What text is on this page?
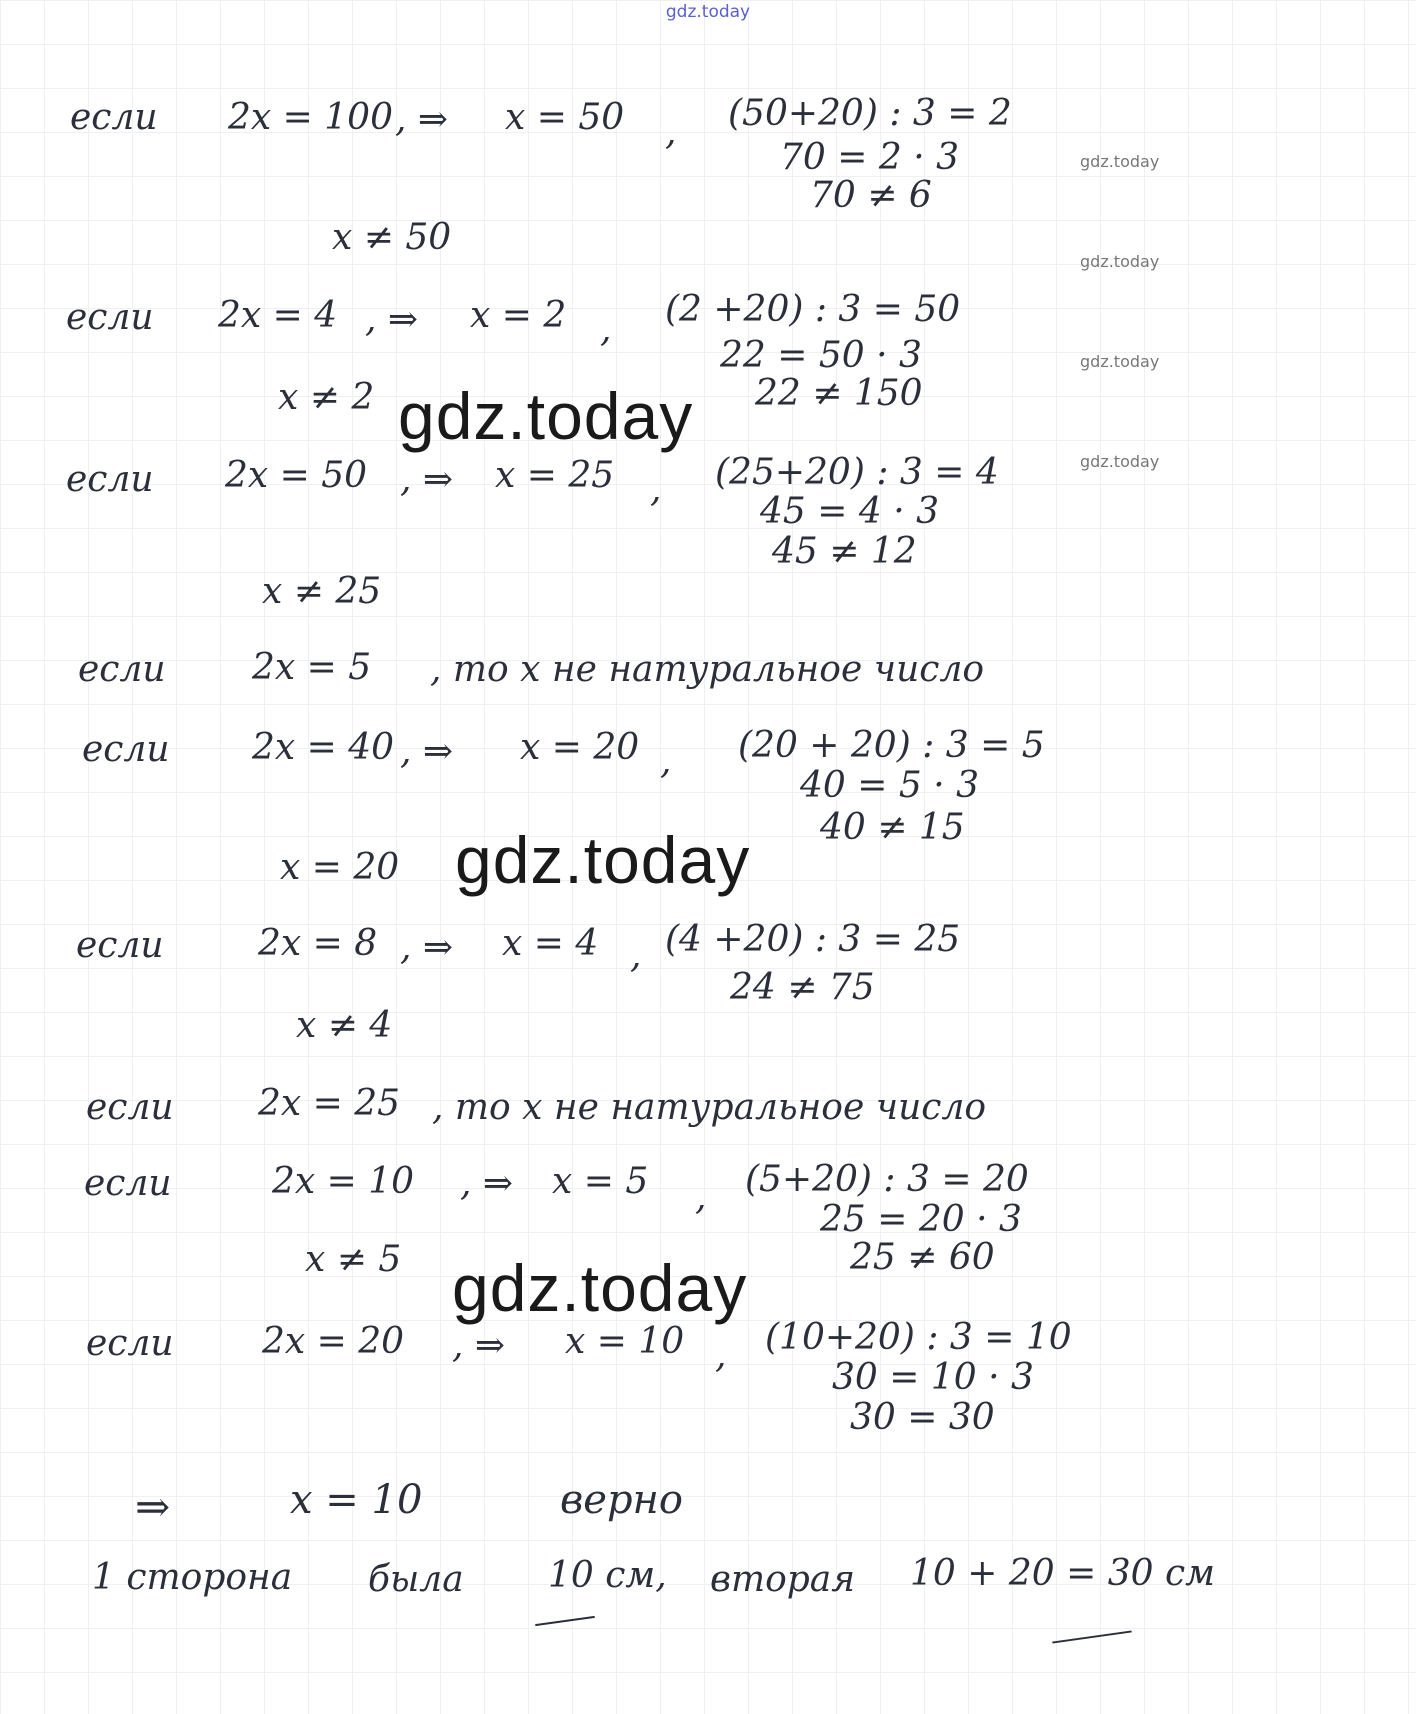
gdz.today
gdz.today
gdz.today
gdz.today
gdz.today
если 2x = 100 , ⇒ x = 50 , (50+20) : 3 = 2
70 = 2 · 3
70 ≠ 6
x ≠ 50
если 2x = 4 , ⇒ x = 2 , (2 +20) : 3 = 50
22 = 50 · 3
22 ≠ 150
x ≠ 2 gdz.today
если 2x = 50 , ⇒ x = 25 , (25+20) : 3 = 4
45 = 4 · 3
45 ≠ 12
x ≠ 25
если 2x = 5 , то x не натуральное число
если 2x = 40 , ⇒ x = 20 , (20 + 20) : 3 = 5
40 = 5 · 3
40 ≠ 15
x = 20 gdz.today
если	2x = 8 , ⇒ x = 4 , (4 +20) : 3 = 25
24 ≠ 75
x ≠ 4
если 2x = 25 , то x не натуральное число
если	2x = 10 , ⇒ x = 5 , (5+20) : 3 = 20
25 = 20 · 3
25 ≠ 60
x ≠ 5 gdz.today
если 2x = 20 , ⇒ x = 10 , (10+20) : 3 = 10
30 = 10 · 3
30 = 30
⇒	x = 10	верно
1 сторона была 10 см, вторая 10 + 20 = 30 см
